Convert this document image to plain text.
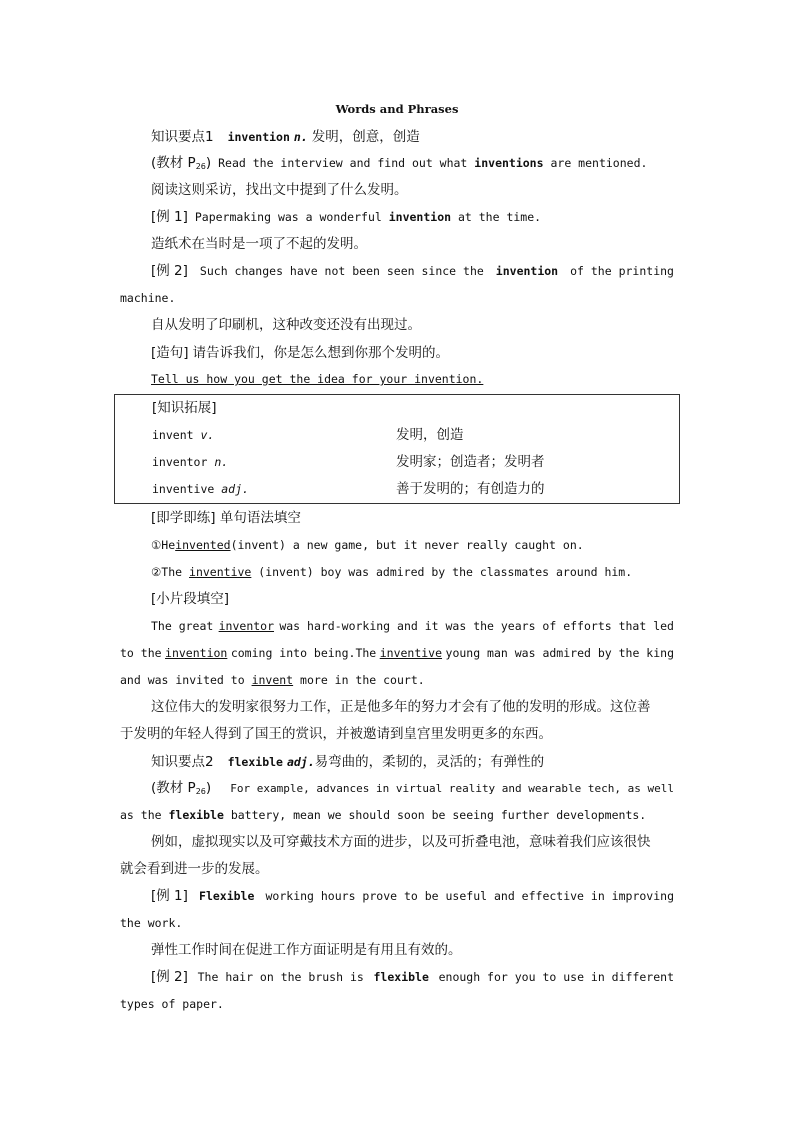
Words and Phrases
知识要点1 invention n. 发明，创意，创造
(教材 $P_{26}$) Read the interview and find out what inventions are mentioned.
阅读这则采访，找出文中提到了什么发明。
[例 1] Papermaking was a wonderful invention at the time.
造纸术在当时是一项了不起的发明。
[例 2] Such changes have not been seen since the invention of the printing
machine.
自从发明了印刷机，这种改变还没有出现过。
[造句] 请告诉我们，你是怎么想到你那个发明的。
Tell us how you get the idea for your invention.
[知识拓展]
invent v.	发明，创造
inventor n.	发明家；创造者；发明者
inventive adj.	善于发明的；有创造力的
[即学即练] 单句语法填空
①Heinvented(invent) a new game, but it never really caught on.
②The inventive (invent) boy was admired by the classmates around him.
[小片段填空]
The great inventor was hard-working and it was the years of efforts that led
to the invention coming into being.The inventive young man was admired by the king
and was invited to invent more in the court.
这位伟大的发明家很努力工作，正是他多年的努力才会有了他的发明的形成。这位善
于发明的年轻人得到了国王的赏识，并被邀请到皇宫里发明更多的东西。
知识要点2 flexible adj.易弯曲的，柔韧的，灵活的；有弹性的
(教材 $P_{26}$) For example, advances in virtual reality and wearable tech, as well
as the flexible battery, mean we should soon be seeing further developments.
例如，虚拟现实以及可穿戴技术方面的进步，以及可折叠电池，意味着我们应该很快
就会看到进一步的发展。
[例 1] Flexible working hours prove to be useful and effective in improving
the work.
弹性工作时间在促进工作方面证明是有用且有效的。
[例 2] The hair on the brush is flexible enough for you to use in different
types of paper.
